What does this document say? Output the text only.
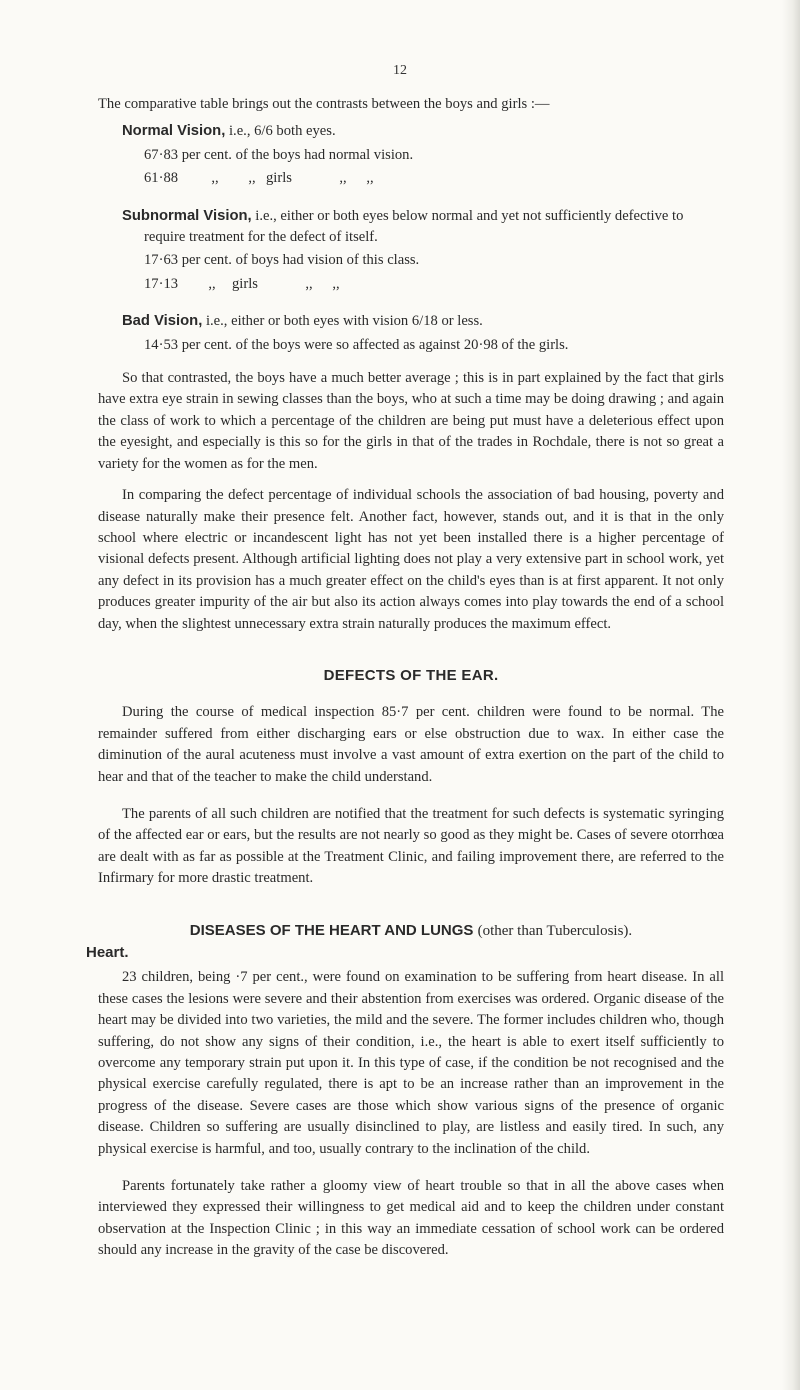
12

The comparative table brings out the contrasts between the boys and girls :—

Normal Vision, i.e., 6/6 both eyes.

67·83 per cent. of the boys had normal vision.

61·88	,,	,, girls	,,	,,

Subnormal Vision, i.e., either or both eyes below normal and yet not sufficiently defective to require treatment for the defect of itself.

17·63 per cent. of boys had vision of this class.

17·13	,,	girls	,,	,,

Bad Vision, i.e., either or both eyes with vision 6/18 or less.

14·53 per cent. of the boys were so affected as against 20·98 of the girls.

So that contrasted, the boys have a much better average ; this is in part explained by the fact that girls have extra eye strain in sewing classes than the boys, who at such a time may be doing drawing ; and again the class of work to which a percentage of the children are being put must have a deleterious effect upon the eyesight, and especially is this so for the girls in that of the trades in Rochdale, there is not so great a variety for the women as for the men.

In comparing the defect percentage of individual schools the association of bad housing, poverty and disease naturally make their presence felt. Another fact, however, stands out, and it is that in the only school where electric or incandescent light has not yet been installed there is a higher percentage of visional defects present. Although artificial lighting does not play a very extensive part in school work, yet any defect in its provision has a much greater effect on the child's eyes than is at first apparent. It not only produces greater impurity of the air but also its action always comes into play towards the end of a school day, when the slightest unnecessary extra strain naturally produces the maximum effect.

DEFECTS OF THE EAR.

During the course of medical inspection 85·7 per cent. children were found to be normal. The remainder suffered from either discharging ears or else obstruction due to wax. In either case the diminution of the aural acuteness must involve a vast amount of extra exertion on the part of the child to hear and that of the teacher to make the child understand.

The parents of all such children are notified that the treatment for such defects is systematic syringing of the affected ear or ears, but the results are not nearly so good as they might be. Cases of severe otorrhœa are dealt with as far as possible at the Treatment Clinic, and failing improvement there, are referred to the Infirmary for more drastic treatment.

DISEASES OF THE HEART AND LUNGS (other than Tuberculosis).
Heart.

23 children, being ·7 per cent., were found on examination to be suffering from heart disease. In all these cases the lesions were severe and their abstention from exercises was ordered. Organic disease of the heart may be divided into two varieties, the mild and the severe. The former includes children who, though suffering, do not show any signs of their condition, i.e., the heart is able to exert itself sufficiently to overcome any temporary strain put upon it. In this type of case, if the condition be not recognised and the physical exercise carefully regulated, there is apt to be an increase rather than an improvement in the progress of the disease. Severe cases are those which show various signs of the presence of organic disease. Children so suffering are usually disinclined to play, are listless and easily tired. In such, any physical exercise is harmful, and too, usually contrary to the inclination of the child.

Parents fortunately take rather a gloomy view of heart trouble so that in all the above cases when interviewed they expressed their willingness to get medical aid and to keep the children under constant observation at the Inspection Clinic ; in this way an immediate cessation of school work can be ordered should any increase in the gravity of the case be discovered.
